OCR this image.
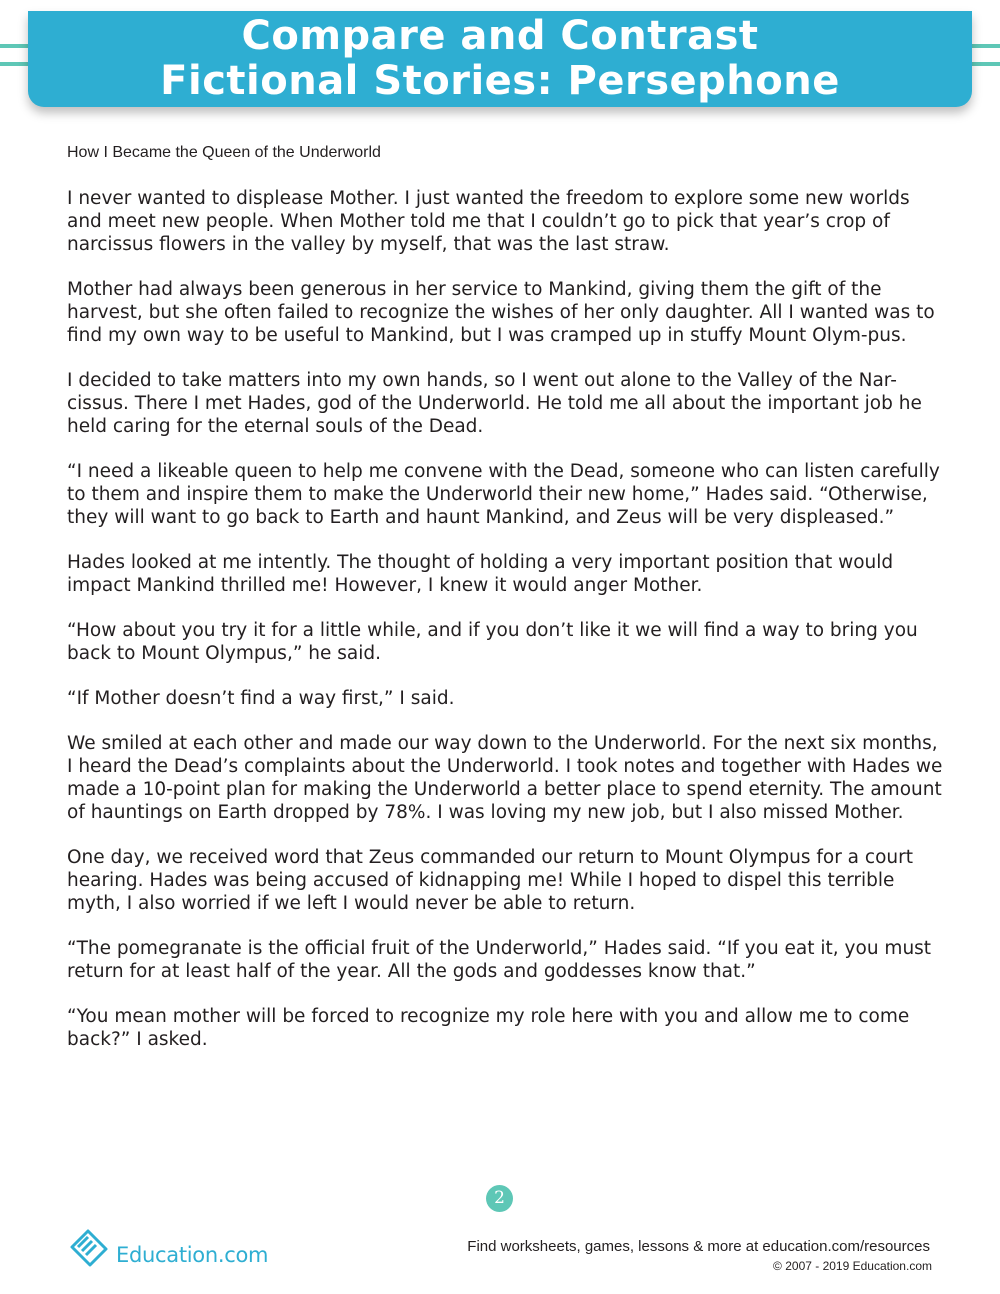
Compare and Contrast
Fictional Stories: Persephone
How I Became the Queen of the Underworld

I never wanted to displease Mother. I just wanted the freedom to explore some new worlds and meet new people. When Mother told me that I couldn’t go to pick that year’s crop of narcissus flowers in the valley by myself, that was the last straw.

Mother had always been generous in her service to Mankind, giving them the gift of the harvest, but she often failed to recognize the wishes of her only daughter. All I wanted was to find my own way to be useful to Mankind, but I was cramped up in stuffy Mount Olym-pus.

I decided to take matters into my own hands, so I went out alone to the Valley of the Nar-cissus. There I met Hades, god of the Underworld. He told me all about the important job he held caring for the eternal souls of the Dead.

“I need a likeable queen to help me convene with the Dead, someone who can listen carefully to them and inspire them to make the Underworld their new home,” Hades said. “Otherwise, they will want to go back to Earth and haunt Mankind, and Zeus will be very displeased.”

Hades looked at me intently. The thought of holding a very important position that would impact Mankind thrilled me! However, I knew it would anger Mother.

“How about you try it for a little while, and if you don’t like it we will find a way to bring you back to Mount Olympus,” he said.

“If Mother doesn’t find a way first,” I said.

We smiled at each other and made our way down to the Underworld. For the next six months, I heard the Dead’s complaints about the Underworld. I took notes and together with Hades we made a 10-point plan for making the Underworld a better place to spend eternity. The amount of hauntings on Earth dropped by 78%. I was loving my new job, but I also missed Mother.

One day, we received word that Zeus commanded our return to Mount Olympus for a court hearing. Hades was being accused of kidnapping me! While I hoped to dispel this terrible myth, I also worried if we left I would never be able to return.

“The pomegranate is the official fruit of the Underworld,” Hades said. “If you eat it, you must return for at least half of the year. All the gods and goddesses know that.”

“You mean mother will be forced to recognize my role here with you and allow me to come back?” I asked.

2
Education.com	Find worksheets, games, lessons & more at education.com/resources
© 2007 - 2019 Education.com
